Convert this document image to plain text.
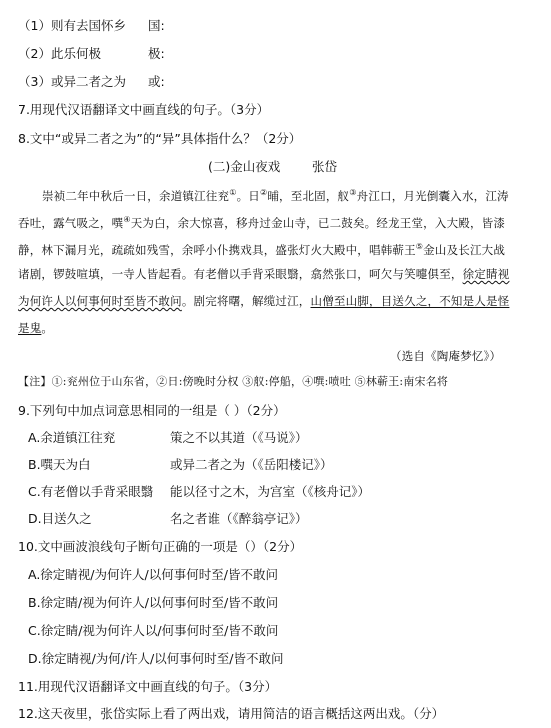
（1）则有去国怀乡 国:
（2）此乐何极	极:
（3）或异二者之为 或:
7.用现代汉语翻译文中画直线的句子。（3分）
8.文中“或异二者之为”的“异”具体指什么？（2分）
(二)金山夜戏	张岱
崇祯二年中秋后一日，余道镇江往兖①。日②晡，至北固，舣③舟江口，月光倒囊入水，江涛
吞吐，露气吸之，噀④天为白，余大惊喜，移舟过金山寺，已二鼓矣。经龙王堂，入大殿，皆漆
静，林下漏月光，疏疏如残雪，余呼小仆携戏具，盛张灯火大殿中，唱韩蕲王⑤金山及长江大战
诸剧，锣鼓喧填，一寺人皆起看。有老僧以手背采眼翳，翕然张口，呵欠与笑嚏俱至，徐定睛视
为何许人以何事何时至皆不敢问。剧完将曙，解缆过江，山僧至山脚，目送久之，不知是人是怪
是鬼。
（选自《陶庵梦忆》）
【注】①:兖州位于山东省，②日:傍晚时分权 ③舣:停船，④噀:喷吐 ⑤林蕲王:南宋名将
9.下列句中加点词意思相同的一组是（ ）（2分）
A.余道镇江往兖	策之不以其道（《马说》）
B.噀天为白	或异二者之为（《岳阳楼记》）
C.有老僧以手背采眼翳 能以径寸之木，为宫室（《核舟记》）
D.目送久之	名之者谁（《醉翁亭记》）
10.文中画波浪线句子断句正确的一项是（）（2分）
A.徐定睛视/为何许人/以何事何时至/皆不敢问
B.徐定睛/视为何许人/以何事何时至/皆不敢问
C.徐定睛/视为何许人以/何事何时至/皆不敢问
D.徐定睛视/为何/许人/以何事何时至/皆不敢问
11.用现代汉语翻译文中画直线的句子。（3分）
12.这天夜里，张岱实际上看了两出戏，请用简洁的语言概括这两出戏。（分）
